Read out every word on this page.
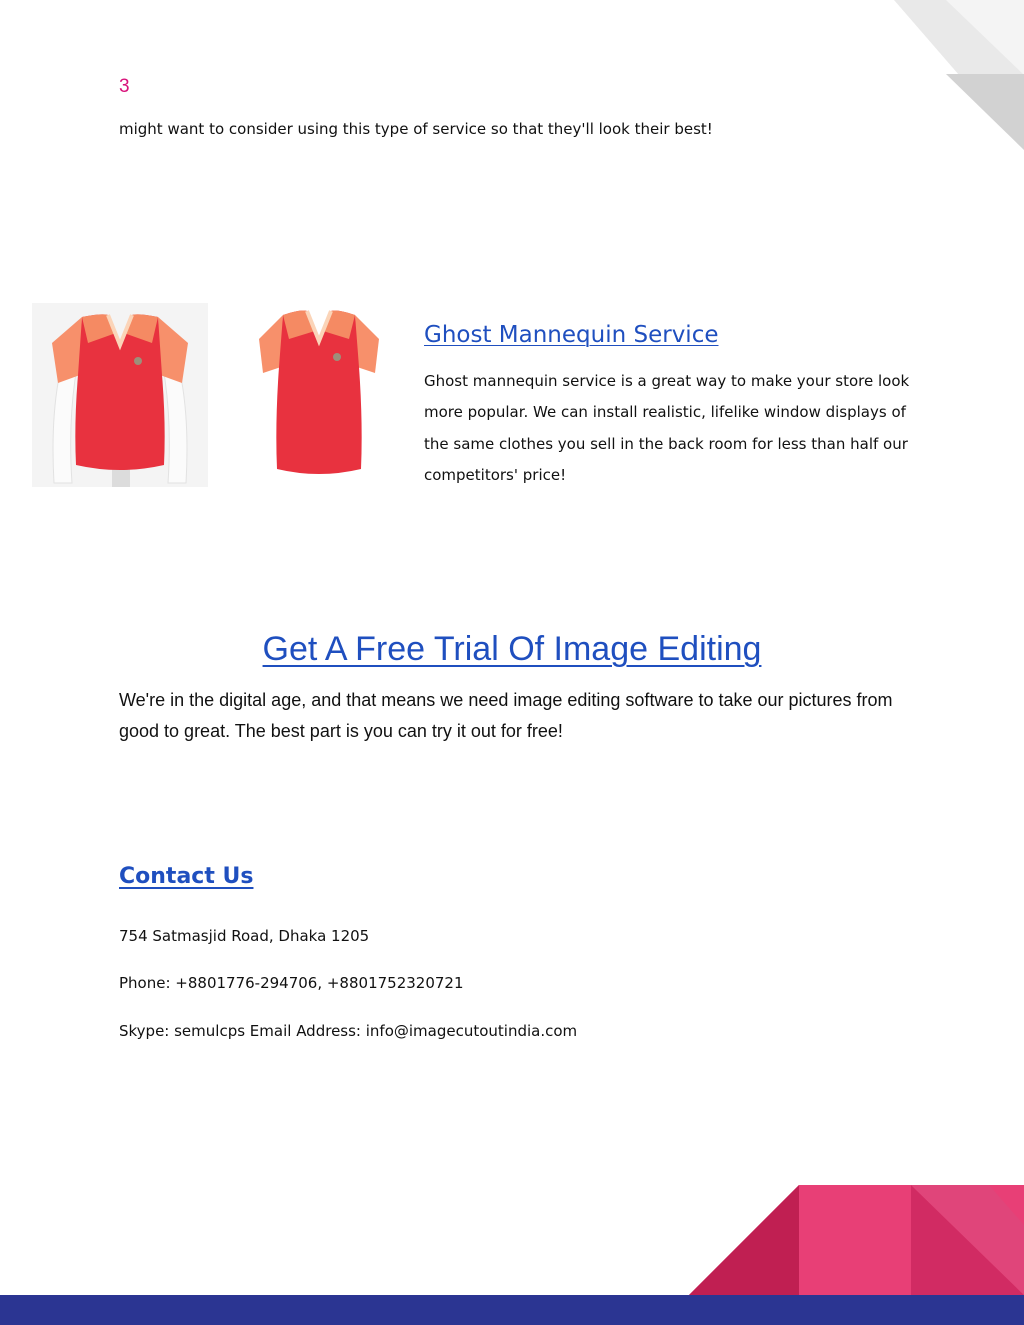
3
might want to consider using this type of service so that they'll look their best!
Ghost Mannequin Service

Ghost mannequin service is a great way to make your store look more popular. We can install realistic, lifelike window displays of the same clothes you sell in the back room for less than half our competitors' price!

Get A Free Trial Of Image Editing

We're in the digital age, and that means we need image editing software to take our pictures from good to great. The best part is you can try it out for free!

Contact Us
754 Satmasjid Road, Dhaka 1205
Phone: +8801776-294706, +8801752320721
Skype: semulcps Email Address: info@imagecutoutindia.com
